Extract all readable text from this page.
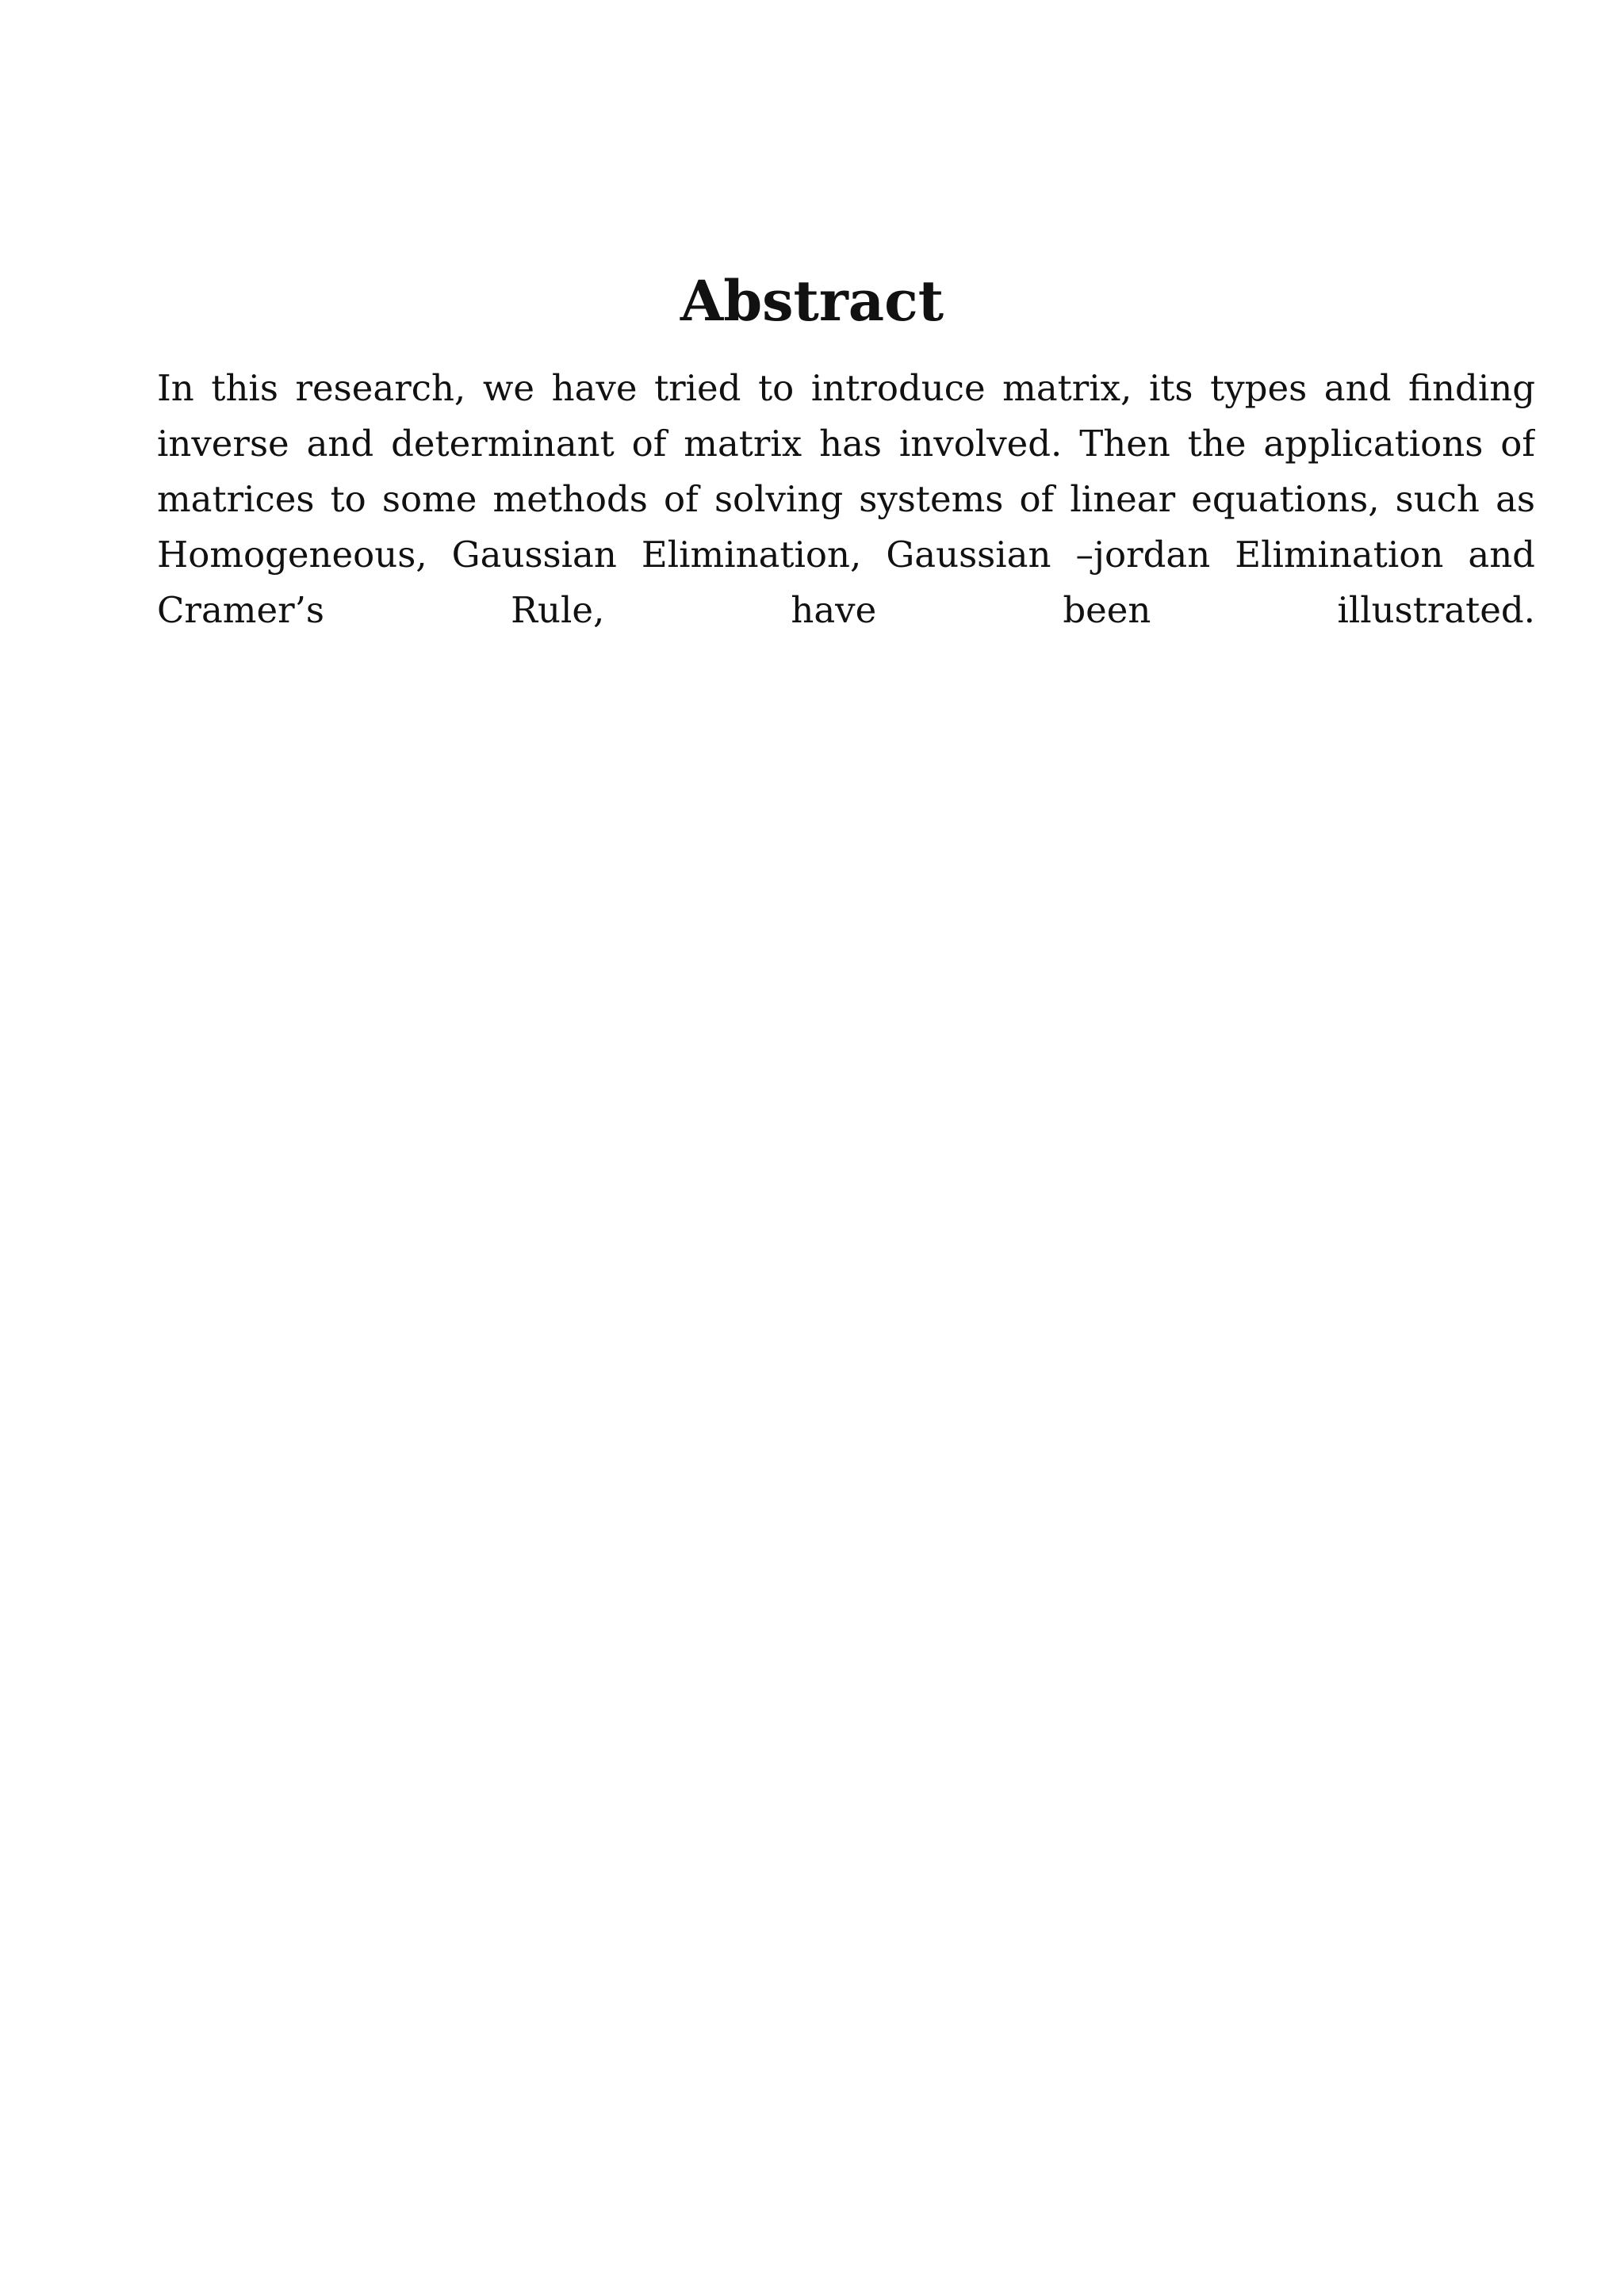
Abstract
In this research, we have tried to introduce matrix, its types and finding
inverse and determinant of matrix has involved. Then the applications of
matrices to some methods of solving systems of linear equations, such as
Homogeneous, Gaussian Elimination, Gaussian –jordan Elimination and
Cramer’s Rule, have been illustrated.
